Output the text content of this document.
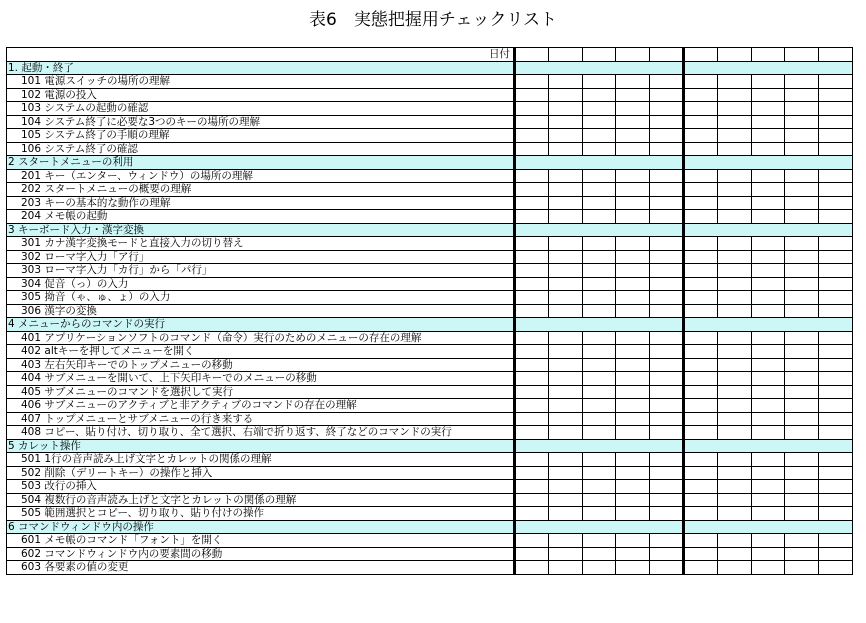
表6　実態把握用チェックリスト
日付										
1. 起動・終了										
101 電源スイッチの場所の理解										
102 電源の投入										
103 システムの起動の確認										
104 システム終了に必要な3つのキーの場所の理解										
105 システム終了の手順の理解										
106 システム終了の確認										
2 スタートメニューの利用										
201 キー（エンター、ウィンドウ）の場所の理解										
202 スタートメニューの概要の理解										
203 キーの基本的な動作の理解										
204 メモ帳の起動										
3 キーボード入力・漢字変換										
301 カナ漢字変換モードと直接入力の切り替え										
302 ローマ字入力「ア行」										
303 ローマ字入力「カ行」から「パ行」										
304 促音（っ）の入力										
305 拗音（ゃ、ゅ、ょ）の入力										
306 漢字の変換										
4 メニューからのコマンドの実行										
401 アプリケーションソフトのコマンド（命令）実行のためのメニューの存在の理解										
402 altキーを押してメニューを開く										
403 左右矢印キーでのトップメニューの移動										
404 サブメニューを開いて、上下矢印キーでのメニューの移動										
405 サブメニューのコマンドを選択して実行										
406 サブメニューのアクティブと非アクティブのコマンドの存在の理解										
407 トップメニューとサブメニューの行き来する										
408 コピー、貼り付け、切り取り、全て選択、右端で折り返す、終了などのコマンドの実行										
5 カレット操作										
501 1行の音声読み上げ文字とカレットの関係の理解										
502 削除（デリートキー）の操作と挿入										
503 改行の挿入										
504 複数行の音声読み上げと文字とカレットの関係の理解										
505 範囲選択とコピー、切り取り、貼り付けの操作										
6 コマンドウィンドウ内の操作										
601 メモ帳のコマンド「フォント」を開く										
602 コマンドウィンドウ内の要素間の移動										
603 各要素の値の変更										
